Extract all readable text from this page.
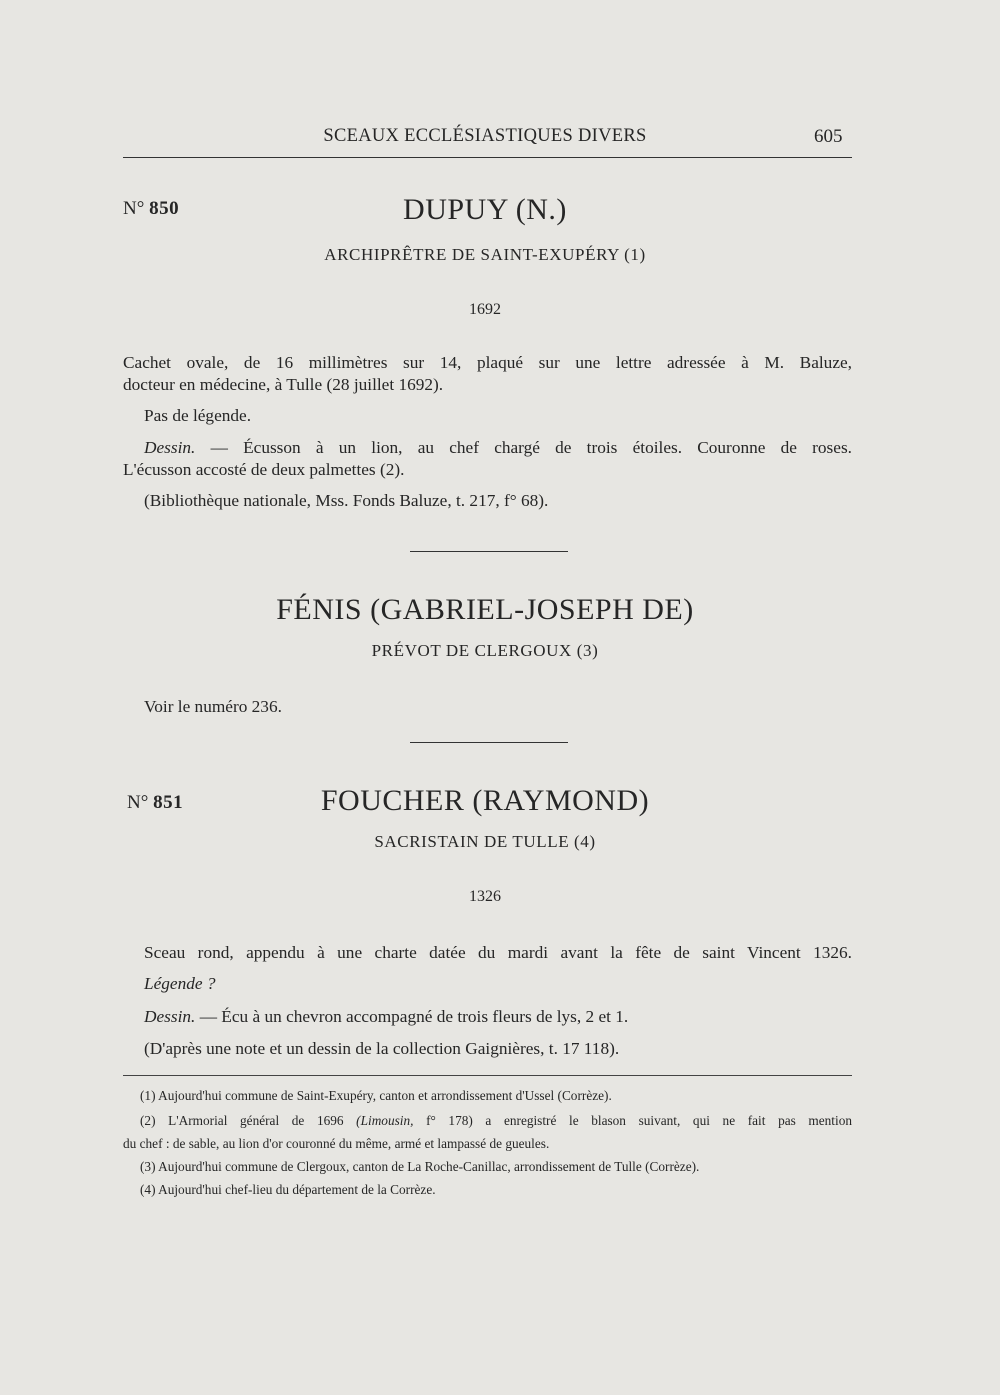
SCEAUX ECCLÉSIASTIQUES DIVERS	605
N° 850	DUPUY (N.)
ARCHIPRÊTRE DE SAINT-EXUPÉRY (1)
1692
Cachet ovale, de 16 millimètres sur 14, plaqué sur une lettre adressée à M. Baluze,
docteur en médecine, à Tulle (28 juillet 1692).
Pas de légende.
Dessin. — Écusson à un lion, au chef chargé de trois étoiles. Couronne de roses.
L'écusson accosté de deux palmettes (2).
(Bibliothèque nationale, Mss. Fonds Baluze, t. 217, f° 68).
FÉNIS (GABRIEL-JOSEPH DE)
PRÉVOT DE CLERGOUX (3)
Voir le numéro 236.
N° 851	FOUCHER (RAYMOND)
SACRISTAIN DE TULLE (4)
1326
Sceau rond, appendu à une charte datée du mardi avant la fête de saint Vincent 1326.
Légende ?
Dessin. — Écu à un chevron accompagné de trois fleurs de lys, 2 et 1.
(D'après une note et un dessin de la collection Gaignières, t. 17 118).
(1) Aujourd'hui commune de Saint-Exupéry, canton et arrondissement d'Ussel (Corrèze).
(2) L'Armorial général de 1696 (Limousin, f° 178) a enregistré le blason suivant, qui ne fait pas mention
du chef : de sable, au lion d'or couronné du même, armé et lampassé de gueules.
(3) Aujourd'hui commune de Clergoux, canton de La Roche-Canillac, arrondissement de Tulle (Corrèze).
(4) Aujourd'hui chef-lieu du département de la Corrèze.
